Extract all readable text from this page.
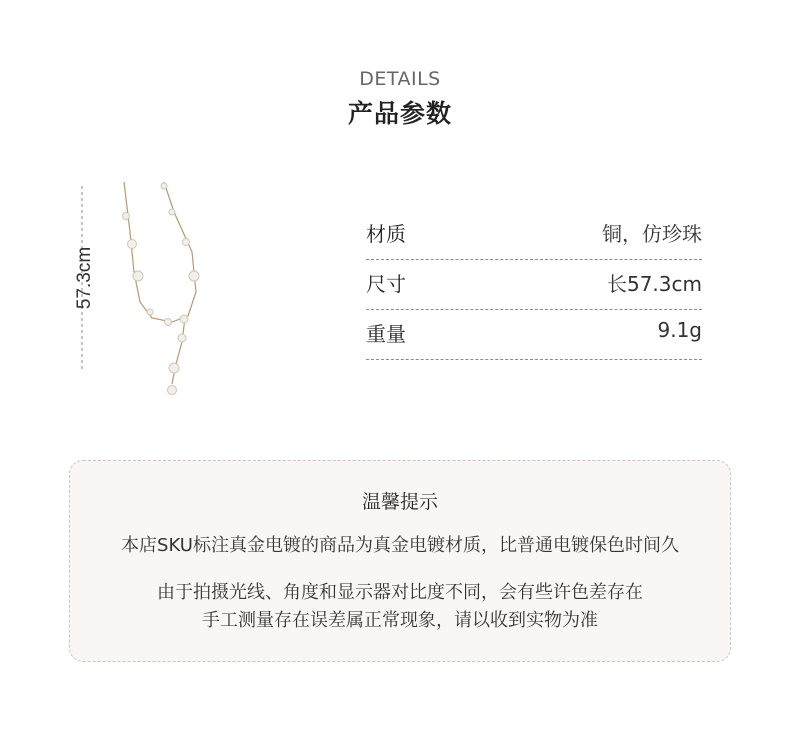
DETAILS
产品参数
57.3cm
材质	铜，仿珍珠
尺寸	长57.3cm
重量	9.1g
温馨提示
本店SKU标注真金电镀的商品为真金电镀材质，比普通电镀保色时间久
由于拍摄光线、角度和显示器对比度不同，会有些许色差存在
手工测量存在误差属正常现象，请以收到实物为准
